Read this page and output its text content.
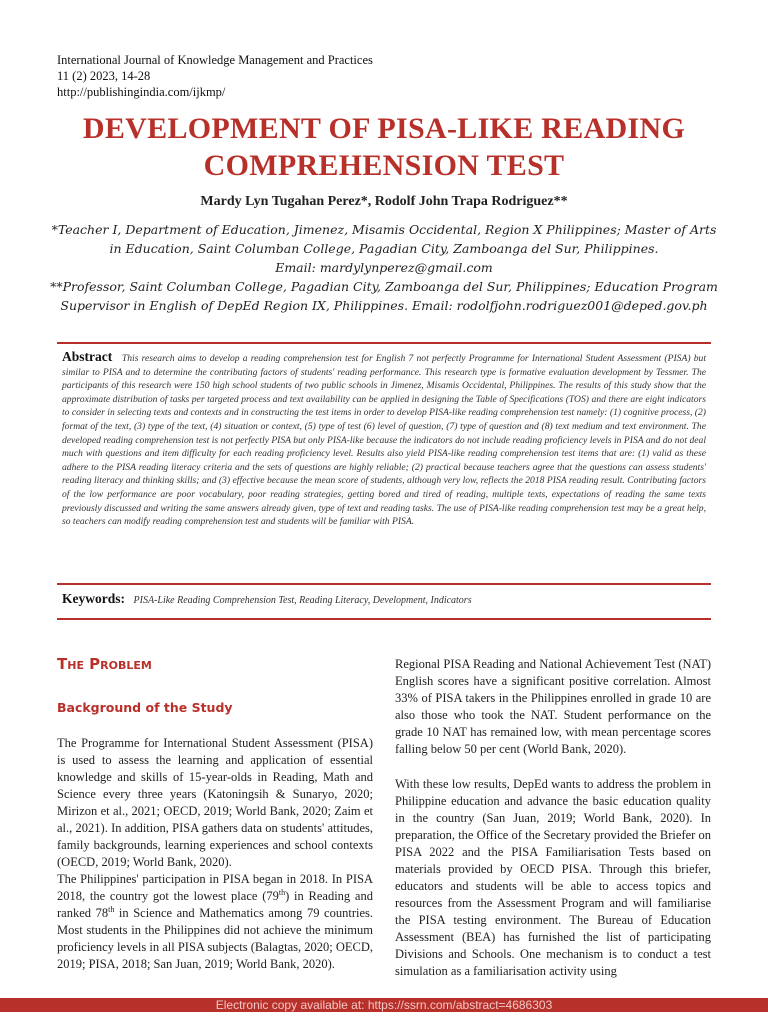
International Journal of Knowledge Management and Practices
11 (2) 2023, 14-28
http://publishingindia.com/ijkmp/
DEVELOPMENT OF PISA-LIKE READING
COMPREHENSION TEST
Mardy Lyn Tugahan Perez*, Rodolf John Trapa Rodriguez**
*Teacher I, Department of Education, Jimenez, Misamis Occidental, Region X Philippines; Master of Arts
in Education, Saint Columban College, Pagadian City, Zamboanga del Sur, Philippines.
Email: mardylynperez@gmail.com
**Professor, Saint Columban College, Pagadian City, Zamboanga del Sur, Philippines; Education Program
Supervisor in English of DepEd Region IX, Philippines. Email: rodolfjohn.rodriguez001@deped.gov.ph
Abstract This research aims to develop a reading comprehension test for English 7 not perfectly Programme for International Student Assessment (PISA) but similar to PISA and to determine the contributing factors of students' reading performance. This research type is formative evaluation development by Tessmer. The participants of this research were 150 high school students of two public schools in Jimenez, Misamis Occidental, Philippines. The results of this study show that the approximate distribution of tasks per targeted process and text availability can be applied in designing the Table of Specifications (TOS) and there are eight indicators to consider in selecting texts and contexts and in constructing the test items in order to develop PISA-like reading comprehension test namely: (1) cognitive process, (2) format of the text, (3) type of the text, (4) situation or context, (5) type of test (6) level of question, (7) type of question and (8) text medium and text environment. The developed reading comprehension test is not perfectly PISA but only PISA-like because the indicators do not include reading proficiency levels in PISA and do not deal much with questions and item difficulty for each reading proficiency level. Results also yield PISA-like reading comprehension test items that are: (1) valid as these adhere to the PISA reading literacy criteria and the sets of questions are highly reliable; (2) practical because teachers agree that the questions can assess students' reading literacy and thinking skills; and (3) effective because the mean score of students, although very low, reflects the 2018 PISA reading result. Contributing factors of the low performance are poor vocabulary, poor reading strategies, getting bored and tired of reading, multiple texts, expectations of reading the same texts previously discussed and writing the same answers already given, type of text and reading tasks. The use of PISA-like reading comprehension test may be a great help, so teachers can modify reading comprehension test and students will be familiar with PISA.
Keywords: PISA-Like Reading Comprehension Test, Reading Literacy, Development, Indicators
The Problem
Background of the Study

The Programme for International Student Assessment (PISA) is used to assess the learning and application of essential knowledge and skills of 15-year-olds in Reading, Math and Science every three years (Katoningsih & Sunaryo, 2020; Mirizon et al., 2021; OECD, 2019; World Bank, 2020; Zaim et al., 2021). In addition, PISA gathers data on students' attitudes, family backgrounds, learning experiences and school contexts (OECD, 2019; World Bank, 2020).

The Philippines' participation in PISA began in 2018. In PISA 2018, the country got the lowest place (79th) in Reading and ranked 78th in Science and Mathematics among 79 countries. Most students in the Philippines did not achieve the minimum proficiency levels in all PISA subjects (Balagtas, 2020; OECD, 2019; PISA, 2018; San Juan, 2019; World Bank, 2020).

Regional PISA Reading and National Achievement Test (NAT) English scores have a significant positive correlation. Almost 33% of PISA takers in the Philippines enrolled in grade 10 are also those who took the NAT. Student performance on the grade 10 NAT has remained low, with mean percentage scores falling below 50 per cent (World Bank, 2020).

With these low results, DepEd wants to address the problem in Philippine education and advance the basic education quality in the country (San Juan, 2019; World Bank, 2020). In preparation, the Office of the Secretary provided the Briefer on PISA 2022 and the PISA Familiarisation Tests based on materials provided by OECD PISA. Through this briefer, educators and students will be able to access topics and resources from the Assessment Program and will familiarise the PISA testing environment. The Bureau of Education Assessment (BEA) has furnished the list of participating Divisions and Schools. One mechanism is to conduct a test simulation as a familiarisation activity using

Electronic copy available at: https://ssrn.com/abstract=4686303
